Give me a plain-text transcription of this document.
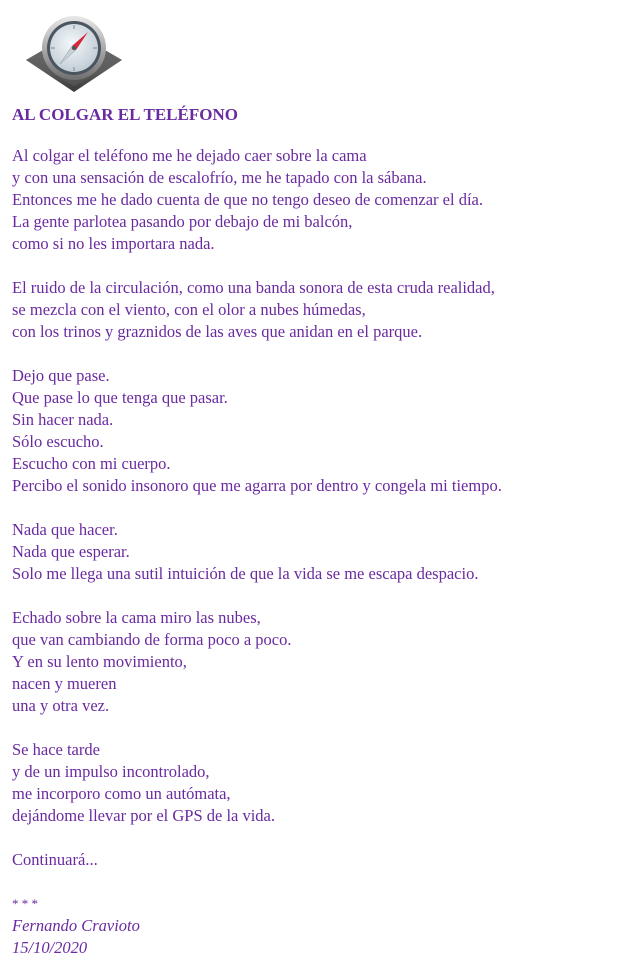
AL COLGAR EL TELÉFONO
Al colgar el teléfono me he dejado caer sobre la cama
y con una sensación de escalofrío, me he tapado con la sábana.
Entonces me he dado cuenta de que no tengo deseo de comenzar el día.
La gente parlotea pasando por debajo de mi balcón,
como si no les importara nada.
El ruido de la circulación, como una banda sonora de esta cruda realidad,
se mezcla con el viento, con el olor a nubes húmedas,
con los trinos y graznidos de las aves que anidan en el parque.
Dejo que pase.
Que pase lo que tenga que pasar.
Sin hacer nada.
Sólo escucho.
Escucho con mi cuerpo.
Percibo el sonido insonoro que me agarra por dentro y congela mi tiempo.
Nada que hacer.
Nada que esperar.
Solo me llega una sutil intuición de que la vida se me escapa despacio.
Echado sobre la cama miro las nubes,
que van cambiando de forma poco a poco.
Y en su lento movimiento,
nacen y mueren
una y otra vez.
Se hace tarde
y de un impulso incontrolado,
me incorporo como un autómata,
dejándome llevar por el GPS de la vida.
Continuará...
* * *
Fernando Cravioto
15/10/2020
